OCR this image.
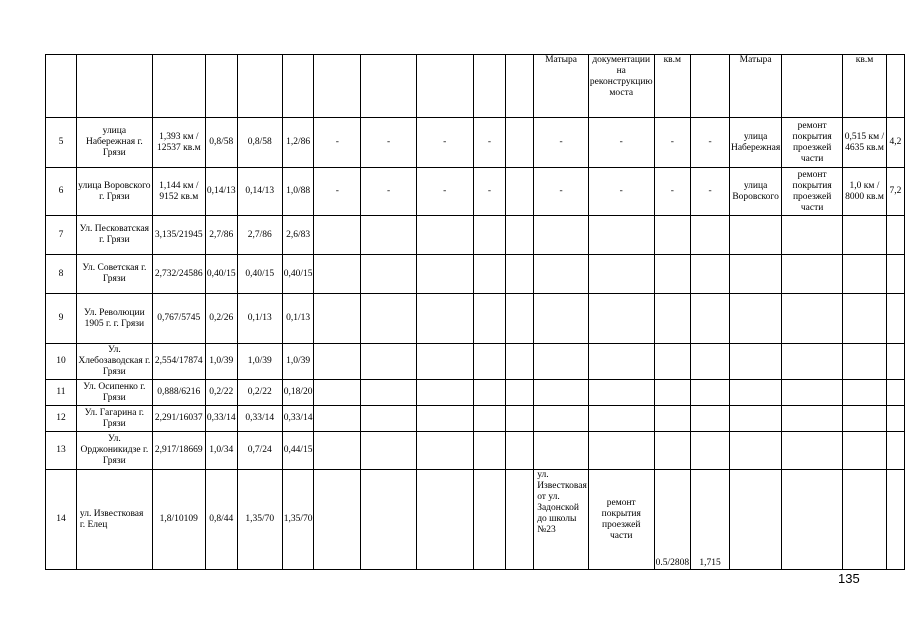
											Матыра	документации на реконструкцию моста	кв.м		Матыра		кв.м	
5	улица Набережная г. Грязи	1,393 км / 12537 кв.м	0,8/58	0,8/58	1,2/86	-	-	-	-		-	-	-	-	улица Набережная	ремонт покрытия проезжей части	0,515 км / 4635 кв.м	4,2
6	улица Воровского г. Грязи	1,144 км / 9152 кв.м	0,14/13	0,14/13	1,0/88	-	-	-	-		-	-	-	-	улица Воровского	ремонт покрытия проезжей части	1,0 км / 8000 кв.м	7,2
7	Ул. Песковатская г. Грязи	3,135/21945	2,7/86	2,7/86	2,6/83													
8	Ул. Советская г. Грязи	2,732/24586	0,40/15	0,40/15	0,40/15													
9	Ул. Революции 1905 г. г. Грязи	0,767/5745	0,2/26	0,1/13	0,1/13													
10	Ул. Хлебозаводская г. Грязи	2,554/17874	1,0/39	1,0/39	1,0/39													
11	Ул. Осипенко г. Грязи	0,888/6216	0,2/22	0,2/22	0,18/20													
12	Ул. Гагарина г. Грязи	2,291/16037	0,33/14	0,33/14	0,33/14													
13	Ул. Орджоникидзе г. Грязи	2,917/18669	1,0/34	0,7/24	0,44/15													
14	ул. Известковая г. Елец	1,8/10109	0,8/44	1,35/70	1,35/70						ул. Известковая от ул. Задонской до школы №23	ремонт покрытия проезжей части	0.5/2808	1,715				
135
